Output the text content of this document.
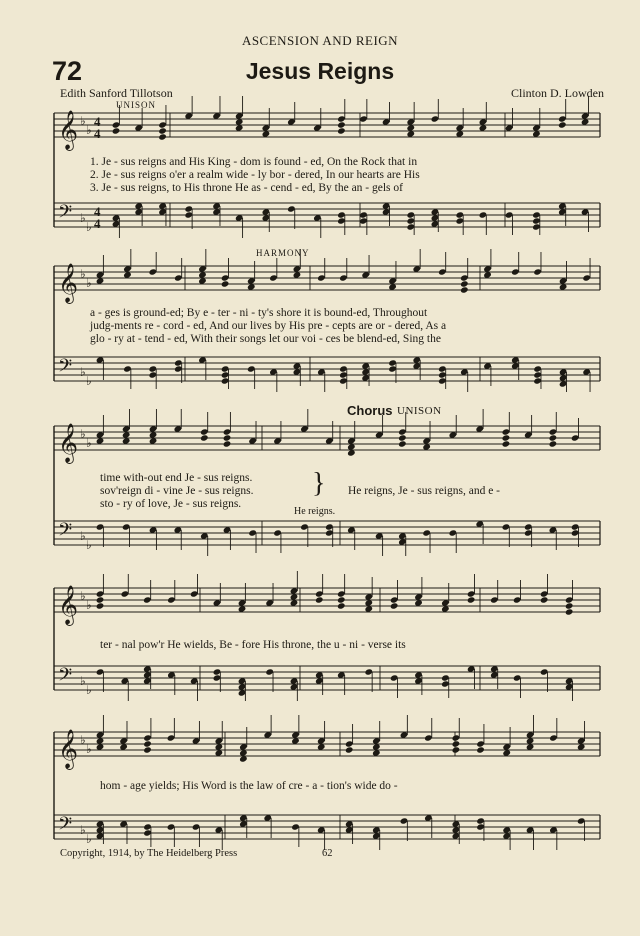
ASCENSION AND REIGN
72	Jesus Reigns
Edith Sanford Tillotson	Clinton D. Lowden
UNISON
HARMONY
Chorus UNISON
He reigns.
𝄞
𝄢
♭
♭
♭
♭
4
4
4
4
𝄞
𝄢
♭
♭
♭
♭
𝄞
𝄢
♭
♭
♭
♭
𝄞
𝄢
♭
♭
♭
♭
𝄞
𝄢
♭
♭
♭
♭
1. Je - sus reigns and His King - dom is found - ed, On the Rock that in
2. Je - sus reigns o'er a realm wide - ly bor - dered, In our hearts are His
3. Je - sus reigns, to His throne He as - cend - ed, By the an - gels of
a - ges is ground-ed; By e - ter - ni - ty's shore it is bound-ed, Throughout
judg-ments re - cord - ed, And our lives by His pre - cepts are or - dered, As a
glo - ry at - tend - ed, With their songs let our voi - ces be blend-ed, Sing the
time with-out end Je - sus reigns.
sov'reign di - vine Je - sus reigns.
sto - ry of love, Je - sus reigns.
} He reigns, Je - sus reigns, and e -
ter - nal pow'r He wields, Be - fore His throne, the u - ni - verse its
hom - age yields; His Word is the law of cre - a - tion's wide do -
Copyright, 1914, by The Heidelberg Press	62
